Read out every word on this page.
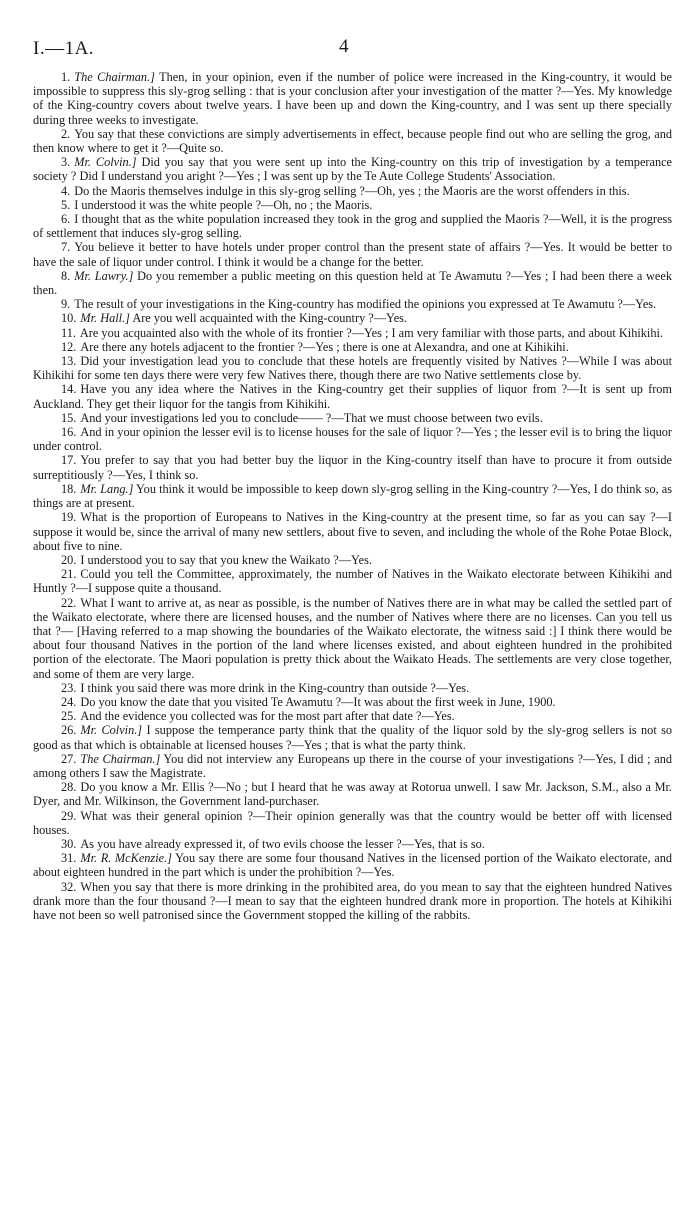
I.—1A.	4

1. The Chairman.] Then, in your opinion, even if the number of police were increased in the King-country, it would be impossible to suppress this sly-grog selling : that is your conclusion after your investigation of the matter ?—Yes. My knowledge of the King-country covers about twelve years. I have been up and down the King-country, and I was sent up there specially during three weeks to investigate.

2. You say that these convictions are simply advertisements in effect, because people find out who are selling the grog, and then know where to get it ?—Quite so.

3. Mr. Colvin.] Did you say that you were sent up into the King-country on this trip of investigation by a temperance society ? Did I understand you aright ?—Yes ; I was sent up by the Te Aute College Students' Association.

4. Do the Maoris themselves indulge in this sly-grog selling ?—Oh, yes ; the Maoris are the worst offenders in this.

5. I understood it was the white people ?—Oh, no ; the Maoris.

6. I thought that as the white population increased they took in the grog and supplied the Maoris ?—Well, it is the progress of settlement that induces sly-grog selling.

7. You believe it better to have hotels under proper control than the present state of affairs ?—Yes. It would be better to have the sale of liquor under control. I think it would be a change for the better.

8. Mr. Lawry.] Do you remember a public meeting on this question held at Te Awamutu ?—Yes ; I had been there a week then.

9. The result of your investigations in the King-country has modified the opinions you expressed at Te Awamutu ?—Yes.

10. Mr. Hall.] Are you well acquainted with the King-country ?—Yes.

11. Are you acquainted also with the whole of its frontier ?—Yes ; I am very familiar with those parts, and about Kihikihi.

12. Are there any hotels adjacent to the frontier ?—Yes ; there is one at Alexandra, and one at Kihikihi.

13. Did your investigation lead you to conclude that these hotels are frequently visited by Natives ?—While I was about Kihikihi for some ten days there were very few Natives there, though there are two Native settlements close by.

14. Have you any idea where the Natives in the King-country get their supplies of liquor from ?—It is sent up from Auckland. They get their liquor for the tangis from Kihikihi.

15. And your investigations led you to conclude—— ?—That we must choose between two evils.

16. And in your opinion the lesser evil is to license houses for the sale of liquor ?—Yes ; the lesser evil is to bring the liquor under control.

17. You prefer to say that you had better buy the liquor in the King-country itself than have to procure it from outside surreptitiously ?—Yes, I think so.

18. Mr. Lang.] You think it would be impossible to keep down sly-grog selling in the King-country ?—Yes, I do think so, as things are at present.

19. What is the proportion of Europeans to Natives in the King-country at the present time, so far as you can say ?—I suppose it would be, since the arrival of many new settlers, about five to seven, and including the whole of the Rohe Potae Block, about five to nine.

20. I understood you to say that you knew the Waikato ?—Yes.

21. Could you tell the Committee, approximately, the number of Natives in the Waikato electorate between Kihikihi and Huntly ?—I suppose quite a thousand.

22. What I want to arrive at, as near as possible, is the number of Natives there are in what may be called the settled part of the Waikato electorate, where there are licensed houses, and the number of Natives where there are no licenses. Can you tell us that ?— [Having referred to a map showing the boundaries of the Waikato electorate, the witness said :] I think there would be about four thousand Natives in the portion of the land where licenses existed, and about eighteen hundred in the prohibited portion of the electorate. The Maori population is pretty thick about the Waikato Heads. The settlements are very close together, and some of them are very large.

23. I think you said there was more drink in the King-country than outside ?—Yes.

24. Do you know the date that you visited Te Awamutu ?—It was about the first week in June, 1900.

25. And the evidence you collected was for the most part after that date ?—Yes.

26. Mr. Colvin.] I suppose the temperance party think that the quality of the liquor sold by the sly-grog sellers is not so good as that which is obtainable at licensed houses ?—Yes ; that is what the party think.

27. The Chairman.] You did not interview any Europeans up there in the course of your investigations ?—Yes, I did ; and among others I saw the Magistrate.

28. Do you know a Mr. Ellis ?—No ; but I heard that he was away at Rotorua unwell. I saw Mr. Jackson, S.M., also a Mr. Dyer, and Mr. Wilkinson, the Government land-purchaser.

29. What was their general opinion ?—Their opinion generally was that the country would be better off with licensed houses.

30. As you have already expressed it, of two evils choose the lesser ?—Yes, that is so.

31. Mr. R. McKenzie.] You say there are some four thousand Natives in the licensed portion of the Waikato electorate, and about eighteen hundred in the part which is under the prohibition ?—Yes.

32. When you say that there is more drinking in the prohibited area, do you mean to say that the eighteen hundred Natives drank more than the four thousand ?—I mean to say that the eighteen hundred drank more in proportion. The hotels at Kihikihi have not been so well patronised since the Government stopped the killing of the rabbits.
